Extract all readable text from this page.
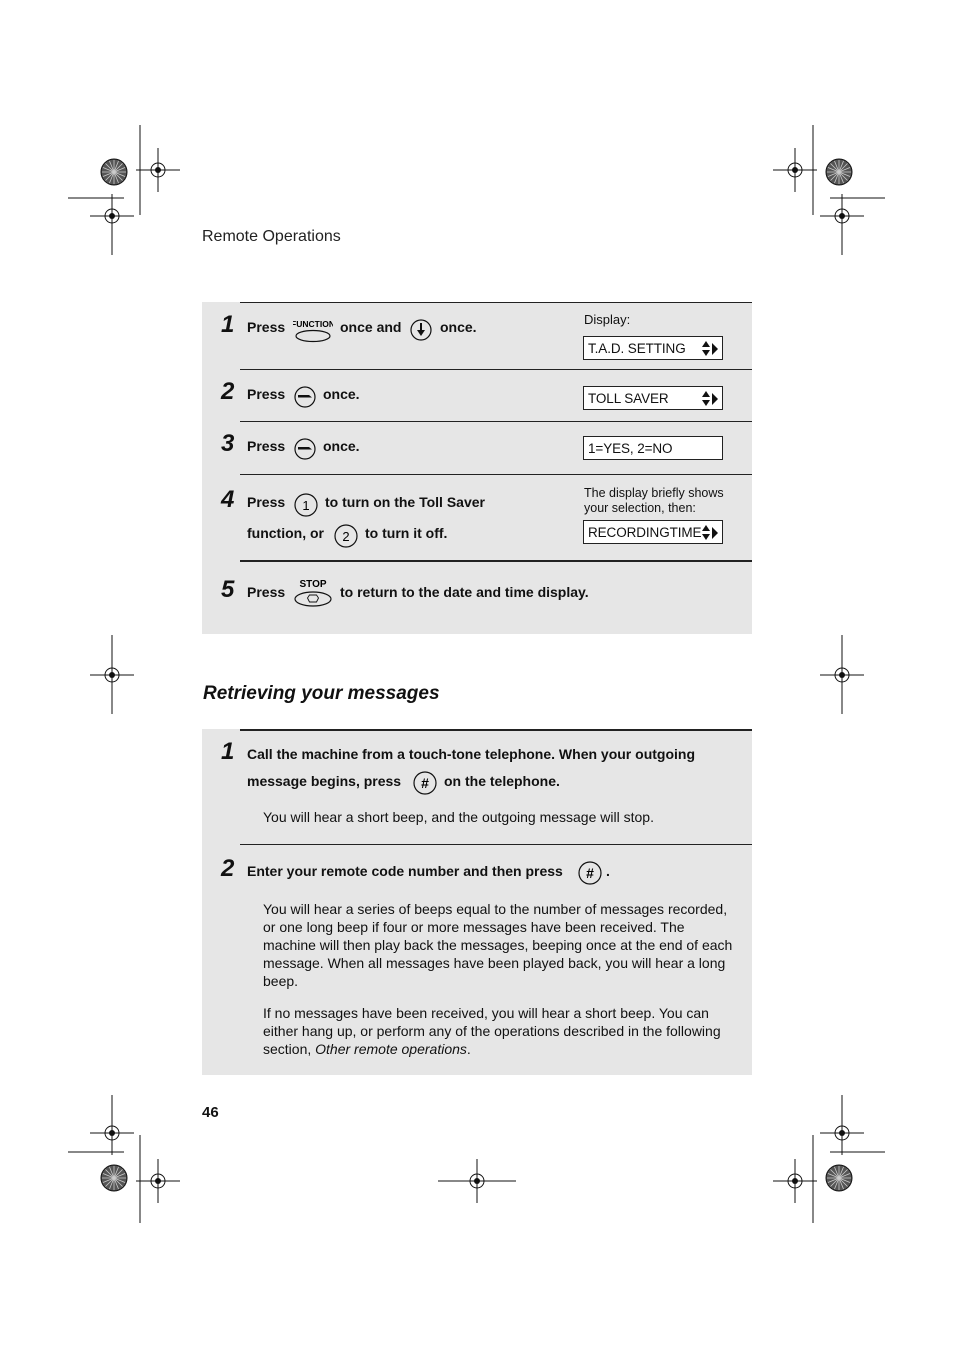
Remote Operations
1 Press FUNCTION once and	once.	Display:
T.A.D. SETTING
2 Press	once.	TOLL SAVER
3 Press	once.	1=YES, 2=NO
4 Press 1 to turn on the Toll Saver
function, or 2 to turn it off.
The display briefly shows your selection, then:
RECORDINGTIME
5 Press STOP to return to the date and time display.
Retrieving your messages
1 Call the machine from a touch-tone telephone. When your outgoing
message begins, press # on the telephone.
You will hear a short beep, and the outgoing message will stop.
2 Enter your remote code number and then press # .
You will hear a series of beeps equal to the number of messages recorded, or one long beep if four or more messages have been received. The machine will then play back the messages, beeping once at the end of each message. When all messages have been played back, you will hear a long beep.
If no messages have been received, you will hear a short beep. You can either hang up, or perform any of the operations described in the following section, Other remote operations.
46
